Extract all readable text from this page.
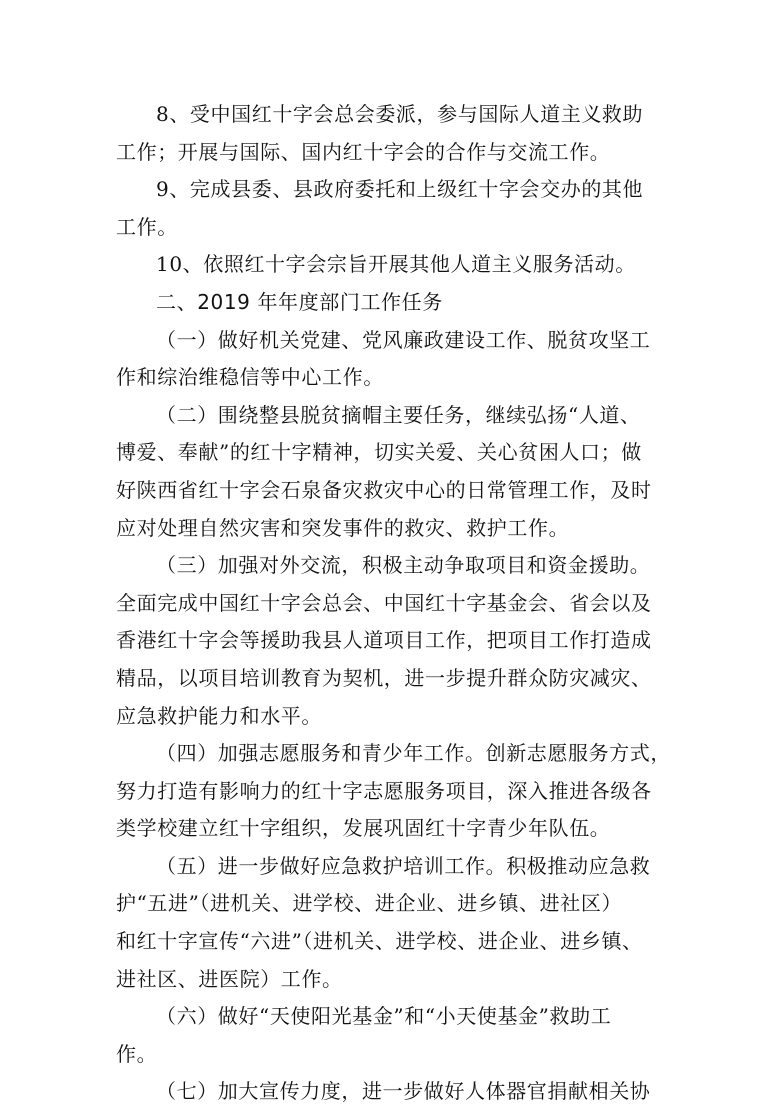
8、受中国红十字会总会委派，参与国际人道主义救助
工作；开展与国际、国内红十字会的合作与交流工作。

9、完成县委、县政府委托和上级红十字会交办的其他
工作。

10、依照红十字会宗旨开展其他人道主义服务活动。

二、2019 年年度部门工作任务

（一）做好机关党建、党风廉政建设工作、脱贫攻坚工
作和综治维稳信等中心工作。

（二）围绕整县脱贫摘帽主要任务，继续弘扬“人道、
博爱、奉献”的红十字精神，切实关爱、关心贫困人口；做
好陕西省红十字会石泉备灾救灾中心的日常管理工作，及时
应对处理自然灾害和突发事件的救灾、救护工作。

（三）加强对外交流，积极主动争取项目和资金援助。
全面完成中国红十字会总会、中国红十字基金会、省会以及
香港红十字会等援助我县人道项目工作，把项目工作打造成
精品，以项目培训教育为契机，进一步提升群众防灾减灾、
应急救护能力和水平。

（四）加强志愿服务和青少年工作。创新志愿服务方式，
努力打造有影响力的红十字志愿服务项目，深入推进各级各
类学校建立红十字组织，发展巩固红十字青少年队伍。

（五）进一步做好应急救护培训工作。积极推动应急救
护“五进”（进机关、进学校、进企业、进乡镇、进社区）
和红十字宣传“六进”（进机关、进学校、进企业、进乡镇、
进社区、进医院）工作。

（六）做好“天使阳光基金”和“小天使基金”救助工
作。

（七）加大宣传力度，进一步做好人体器官捐献相关协
